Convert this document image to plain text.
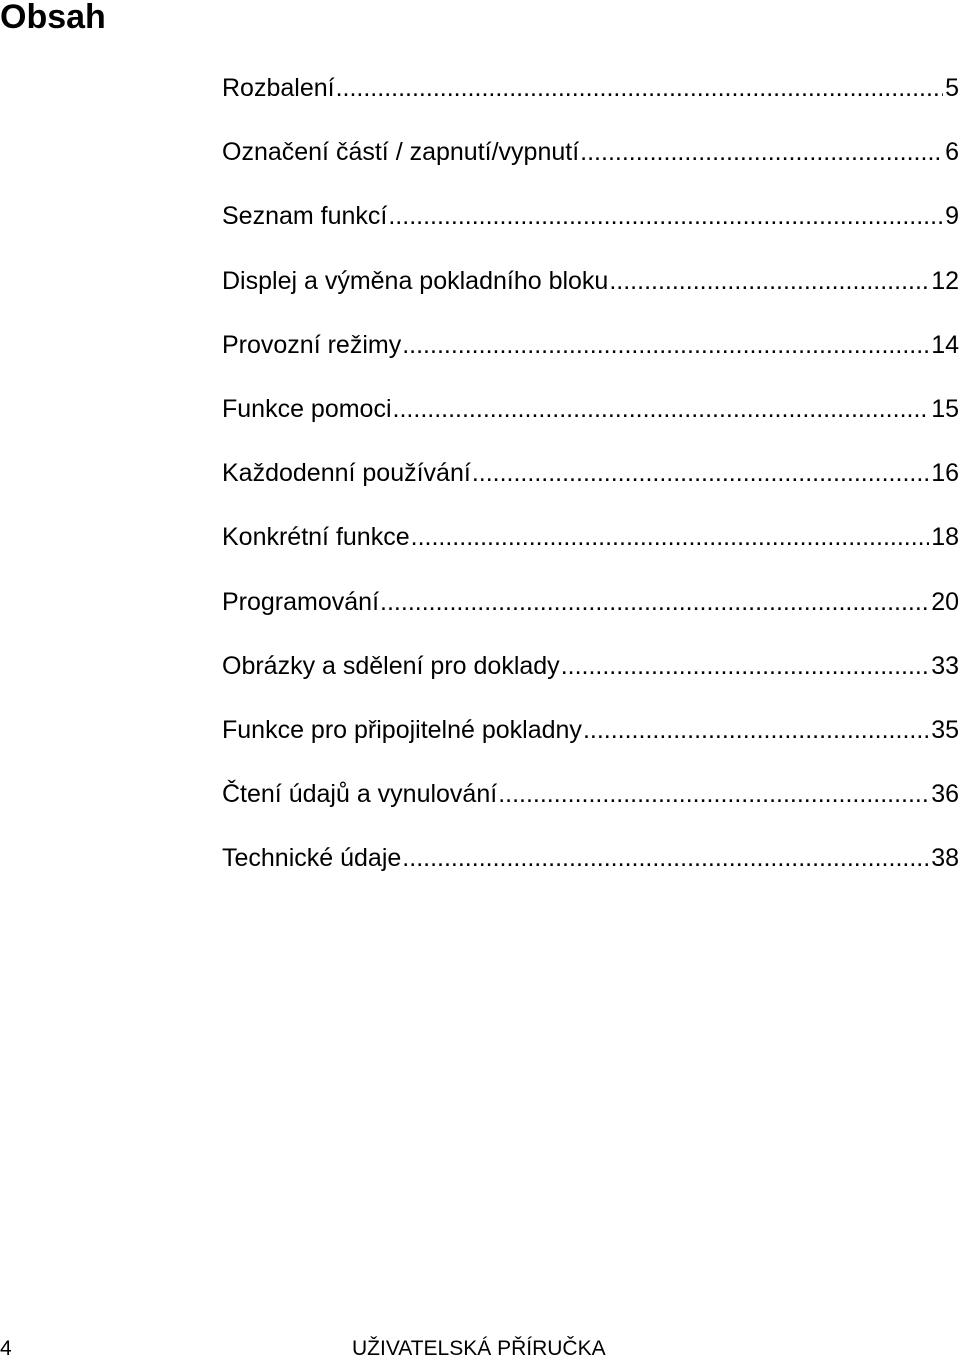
Obsah
Rozbalení .....	5
Označení částí / zapnutí/vypnutí .....	6
Seznam funkcí .....	9
Displej a výměna pokladního bloku .....	12
Provozní režimy .....	14
Funkce pomoci .....	15
Každodenní používání .....	16
Konkrétní funkce .....	18
Programování .....	20
Obrázky a sdělení pro doklady .....	33
Funkce pro připojitelné pokladny .....	35
Čtení údajů a vynulování .....	36
Technické údaje .....	38
4	UŽIVATELSKÁ PŘÍRUČKA
